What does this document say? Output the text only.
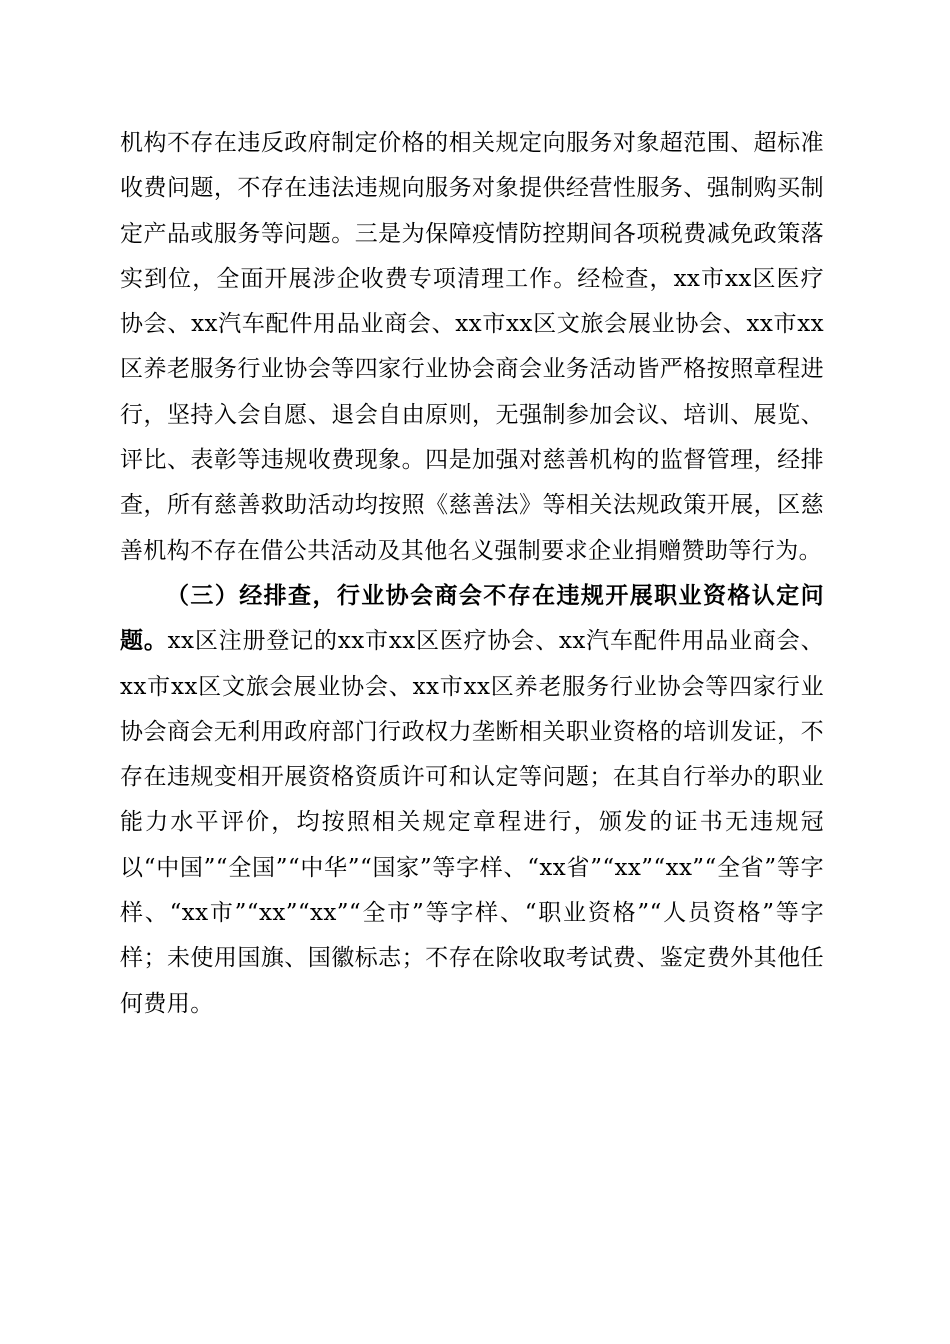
机构不存在违反政府制定价格的相关规定向服务对象超范围、超标准收费问题，不存在违法违规向服务对象提供经营性服务、强制购买制定产品或服务等问题。三是为保障疫情防控期间各项税费减免政策落实到位，全面开展涉企收费专项清理工作。经检查，xx市xx区医疗协会、xx汽车配件用品业商会、xx市xx区文旅会展业协会、xx市xx区养老服务行业协会等四家行业协会商会业务活动皆严格按照章程进行，坚持入会自愿、退会自由原则，无强制参加会议、培训、展览、评比、表彰等违规收费现象。四是加强对慈善机构的监督管理，经排查，所有慈善救助活动均按照《慈善法》等相关法规政策开展，区慈善机构不存在借公共活动及其他名义强制要求企业捐赠赞助等行为。

（三）经排查，行业协会商会不存在违规开展职业资格认定问题。xx区注册登记的xx市xx区医疗协会、xx汽车配件用品业商会、xx市xx区文旅会展业协会、xx市xx区养老服务行业协会等四家行业协会商会无利用政府部门行政权力垄断相关职业资格的培训发证，不存在违规变相开展资格资质许可和认定等问题；在其自行举办的职业能力水平评价，均按照相关规定章程进行，颁发的证书无违规冠以“中国”“全国”“中华”“国家”等字样、“xx省”“xx”“xx”“全省”等字样、“xx市”“xx”“xx”“全市”等字样、“职业资格”“人员资格”等字样；未使用国旗、国徽标志；不存在除收取考试费、鉴定费外其他任何费用。
